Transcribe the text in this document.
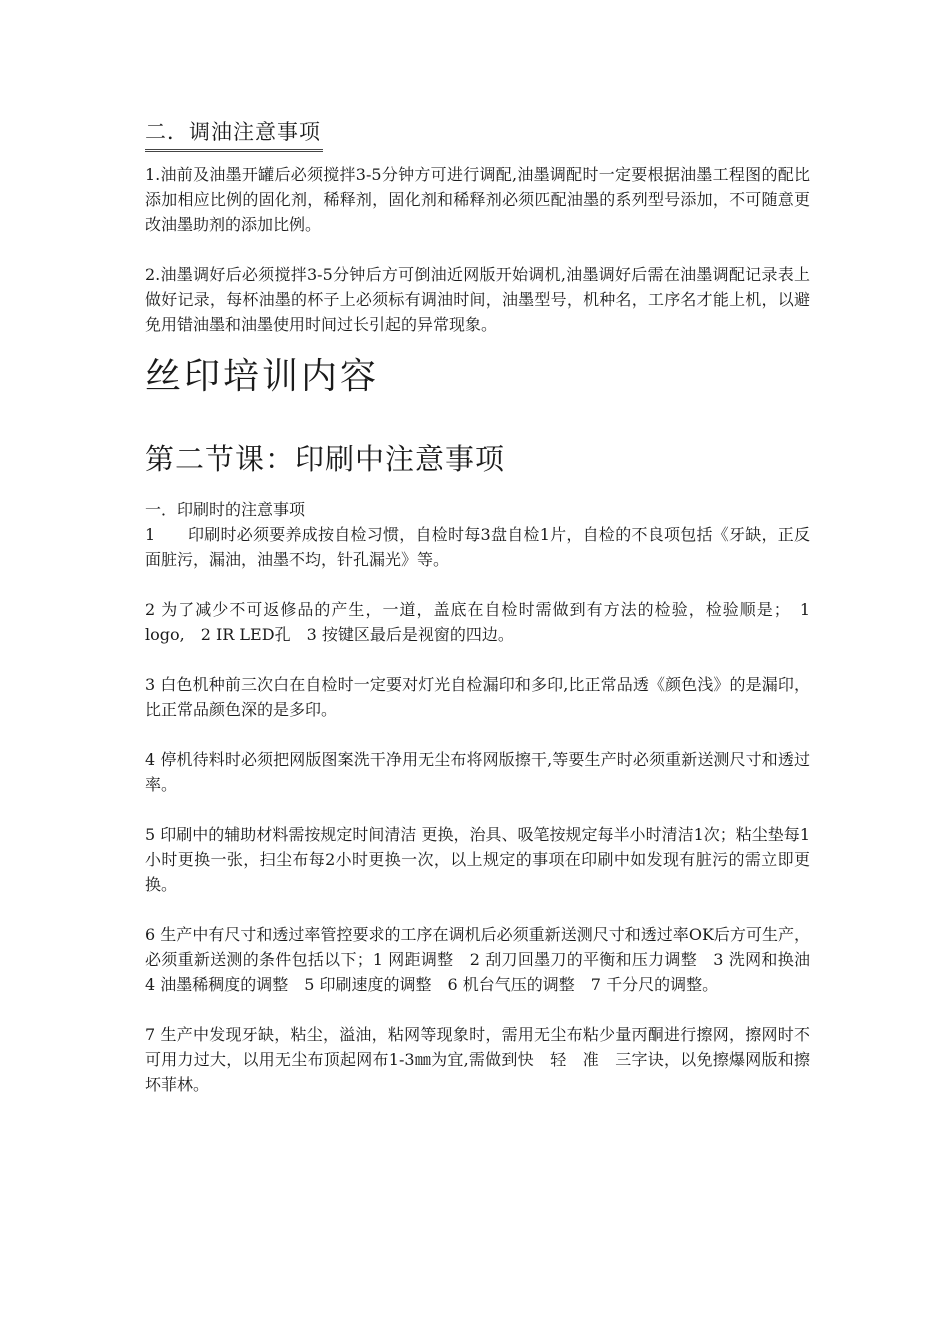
二．调油注意事项

1.油前及油墨开罐后必须搅拌3-5分钟方可进行调配,油墨调配时一定要根据油墨工程图的配比添加相应比例的固化剂，稀释剂，固化剂和稀释剂必须匹配油墨的系列型号添加，不可随意更改油墨助剂的添加比例。

2.油墨调好后必须搅拌3-5分钟后方可倒油近网版开始调机,油墨调好后需在油墨调配记录表上做好记录，每杯油墨的杯子上必须标有调油时间，油墨型号，机种名，工序名才能上机，以避免用错油墨和油墨使用时间过长引起的异常现象。

丝印培训内容
第二节课：印刷中注意事项

一．印刷时的注意事项

1　　印刷时必须要养成按自检习惯，自检时每3盘自检1片，自检的不良项包括《牙缺，正反面脏污，漏油，油墨不均，针孔漏光》等。

2 为了减少不可返修品的产生，一道，盖底在自检时需做到有方法的检验，检验顺是；　1 logo,　2 IR LED孔　3 按键区最后是视窗的四边。

3 白色机种前三次白在自检时一定要对灯光自检漏印和多印,比正常品透《颜色浅》的是漏印，比正常品颜色深的是多印。

4 停机待料时必须把网版图案洗干净用无尘布将网版擦干,等要生产时必须重新送测尺寸和透过率。

5 印刷中的辅助材料需按规定时间清洁 更换，治具、吸笔按规定每半小时清洁1次；粘尘垫每1小时更换一张，扫尘布每2小时更换一次，以上规定的事项在印刷中如发现有脏污的需立即更换。

6 生产中有尺寸和透过率管控要求的工序在调机后必须重新送测尺寸和透过率OK后方可生产，必须重新送测的条件包括以下；1 网距调整　2 刮刀回墨刀的平衡和压力调整　3 洗网和换油　4 油墨稀稠度的调整　5 印刷速度的调整　6 机台气压的调整　7 千分尺的调整。

7 生产中发现牙缺，粘尘，溢油，粘网等现象时，需用无尘布粘少量丙酮进行擦网，擦网时不可用力过大，以用无尘布顶起网布1-3㎜为宜,需做到快　轻　准　三字诀，以免擦爆网版和擦坏菲林。
